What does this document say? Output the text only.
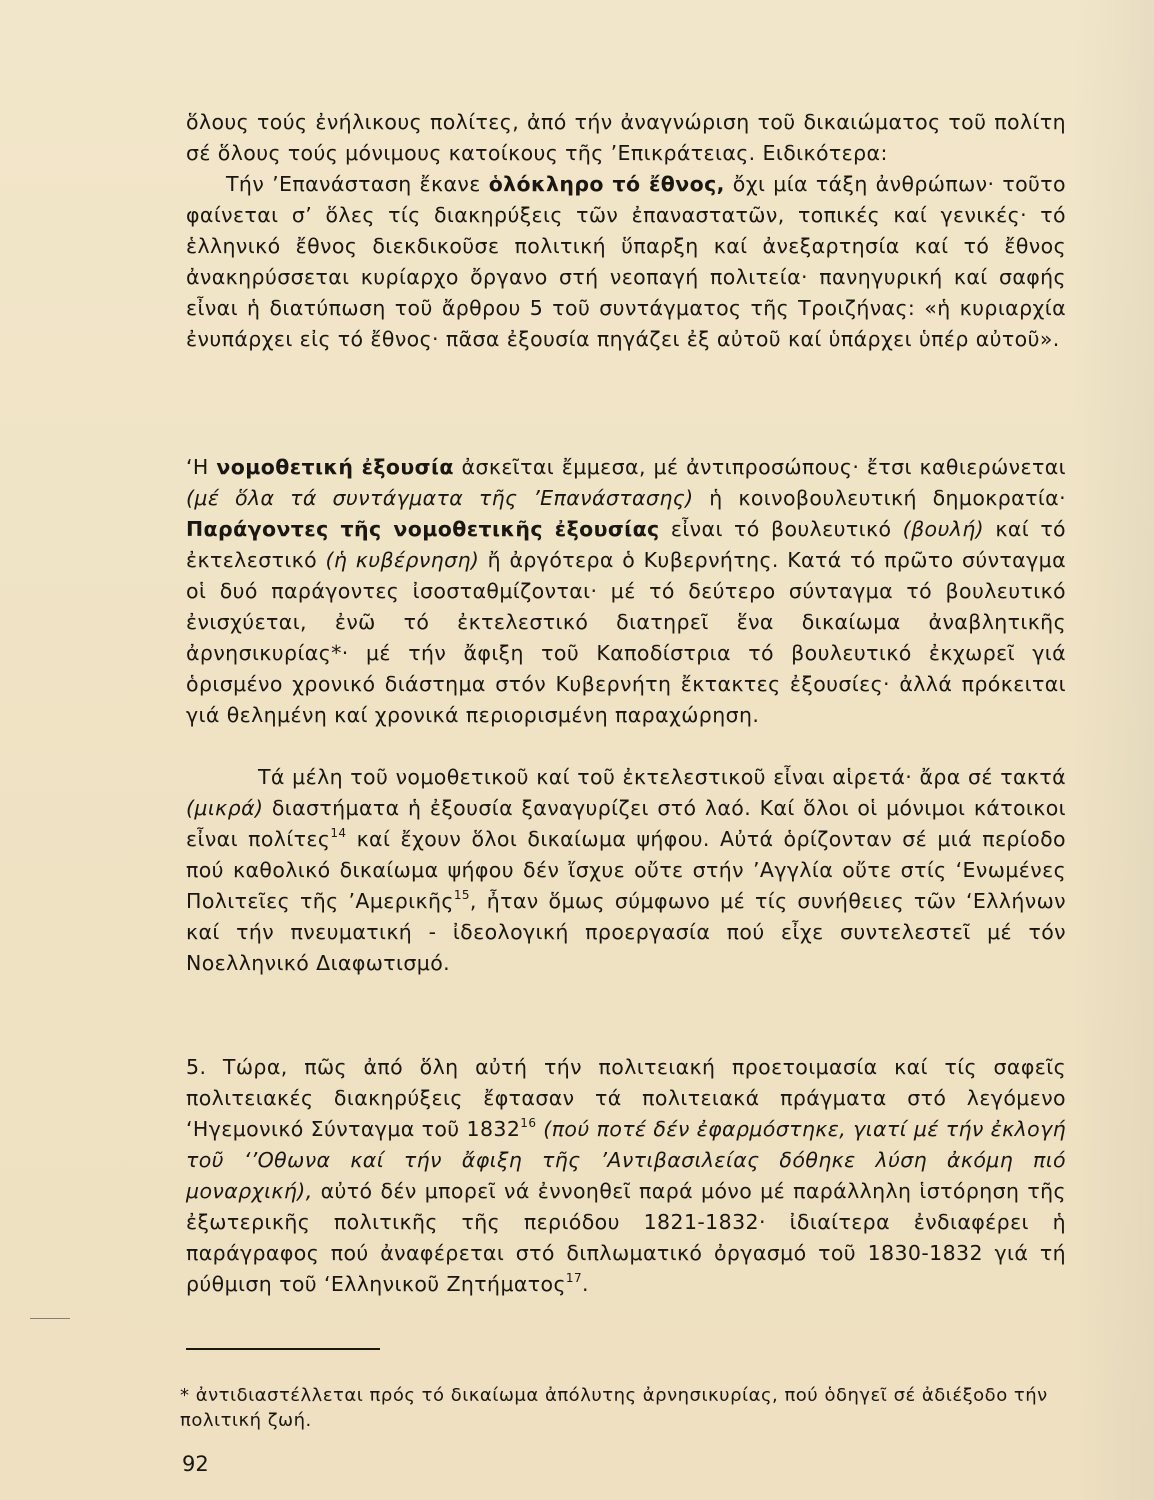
ὅλους τούς ἐνήλικους πολίτες, ἀπό τήν ἀναγνώριση τοῦ δικαιώματος τοῦ πολίτη σέ ὅλους τούς μόνιμους κατοίκους τῆς ’Επικράτειας. Ειδικότερα:
Τήν ’Επανάσταση ἔκανε ὁλόκληρο τό ἔθνος, ὄχι μία τάξη ἀνθρώπων· τοῦτο φαίνεται σ’ ὅλες τίς διακηρύξεις τῶν ἐπαναστατῶν, τοπικές καί γενικές· τό ἑλληνικό ἔθνος διεκδικοῦσε πολιτική ὕπαρξη καί ἀνεξαρτησία καί τό ἔθνος ἀνακηρύσσεται κυρίαρχο ὄργανο στή νεοπαγή πολιτεία· πανηγυρική καί σαφής εἶναι ἡ διατύπωση τοῦ ἄρθρου 5 τοῦ συντάγματος τῆς Τροιζήνας: «ἡ κυριαρχία ἐνυπάρχει εἰς τό ἔθνος· πᾶσα ἐξουσία πηγάζει ἐξ αὐτοῦ καί ὑπάρχει ὑπέρ αὐτοῦ».

‘Η νομοθετική ἐξουσία ἀσκεῖται ἔμμεσα, μέ ἀντιπροσώπους· ἔτσι καθιερώνεται (μέ ὅλα τά συντάγματα τῆς ’Επανάστασης) ἡ κοινοβουλευτική δημοκρατία· Παράγοντες τῆς νομοθετικῆς ἐξουσίας εἶναι τό βουλευτικό (βουλή) καί τό ἐκτελεστικό (ἡ κυβέρνηση) ἤ ἀργότερα ὁ Κυβερνήτης. Κατά τό πρῶτο σύνταγμα οἱ δυό παράγοντες ἰσοσταθμίζονται· μέ τό δεύτερο σύνταγμα τό βουλευτικό ἐνισχύεται, ἐνῶ τό ἐκτελεστικό διατηρεῖ ἕνα δικαίωμα ἀναβλητικῆς ἀρνησικυρίας*· μέ τήν ἄφιξη τοῦ Καποδίστρια τό βουλευτικό ἐκχωρεῖ γιά ὁρισμένο χρονικό διάστημα στόν Κυβερνήτη ἔκτακτες ἐξουσίες· ἀλλά πρόκειται γιά θελημένη καί χρονικά περιορισμένη παραχώρηση.

Τά μέλη τοῦ νομοθετικοῦ καί τοῦ ἐκτελεστικοῦ εἶναι αἱρετά· ἄρα σέ τακτά (μικρά) διαστήματα ἡ ἐξουσία ξαναγυρίζει στό λαό. Καί ὅλοι οἱ μόνιμοι κάτοικοι εἶναι πολίτες$^{14}$ καί ἔχουν ὅλοι δικαίωμα ψήφου. Αὐτά ὁρίζονταν σέ μιά περίοδο πού καθολικό δικαίωμα ψήφου δέν ἴσχυε οὔτε στήν ’Αγγλία οὔτε στίς ‘Ενωμένες Πολιτεῖες τῆς ’Αμερικῆς$^{15}$, ἦταν ὅμως σύμφωνο μέ τίς συνήθειες τῶν ‘Ελλήνων καί τήν πνευματική - ἰδεολογική προεργασία πού εἶχε συντελεστεῖ μέ τόν Νοελληνικό Διαφωτισμό.

5. Τώρα, πῶς ἀπό ὅλη αὐτή τήν πολιτειακή προετοιμασία καί τίς σαφεῖς πολιτειακές διακηρύξεις ἔφτασαν τά πολιτειακά πράγματα στό λεγόμενο ‘Ηγεμονικό Σύνταγμα τοῦ 1832$^{16}$ (πού ποτέ δέν ἐφαρμόστηκε, γιατί μέ τήν ἐκλογή τοῦ ‘’Οθωνα καί τήν ἄφιξη τῆς ’Αντιβασιλείας δόθηκε λύση ἀκόμη πιό μοναρχική), αὐτό δέν μπορεῖ νά ἐννοηθεῖ παρά μόνο μέ παράλληλη ἱστόρηση τῆς ἐξωτερικῆς πολιτικῆς τῆς περιόδου 1821-1832· ἰδιαίτερα ἐνδιαφέρει ἡ παράγραφος πού ἀναφέρεται στό διπλωματικό ὀργασμό τοῦ 1830-1832 γιά τή ρύθμιση τοῦ ‘Ελληνικοῦ Ζητήματος$^{17}$.

* ἀντιδιαστέλλεται πρός τό δικαίωμα ἀπόλυτης ἀρνησικυρίας, πού ὁδηγεῖ σέ ἀδιέξοδο τήν πολιτική ζωή.

92
